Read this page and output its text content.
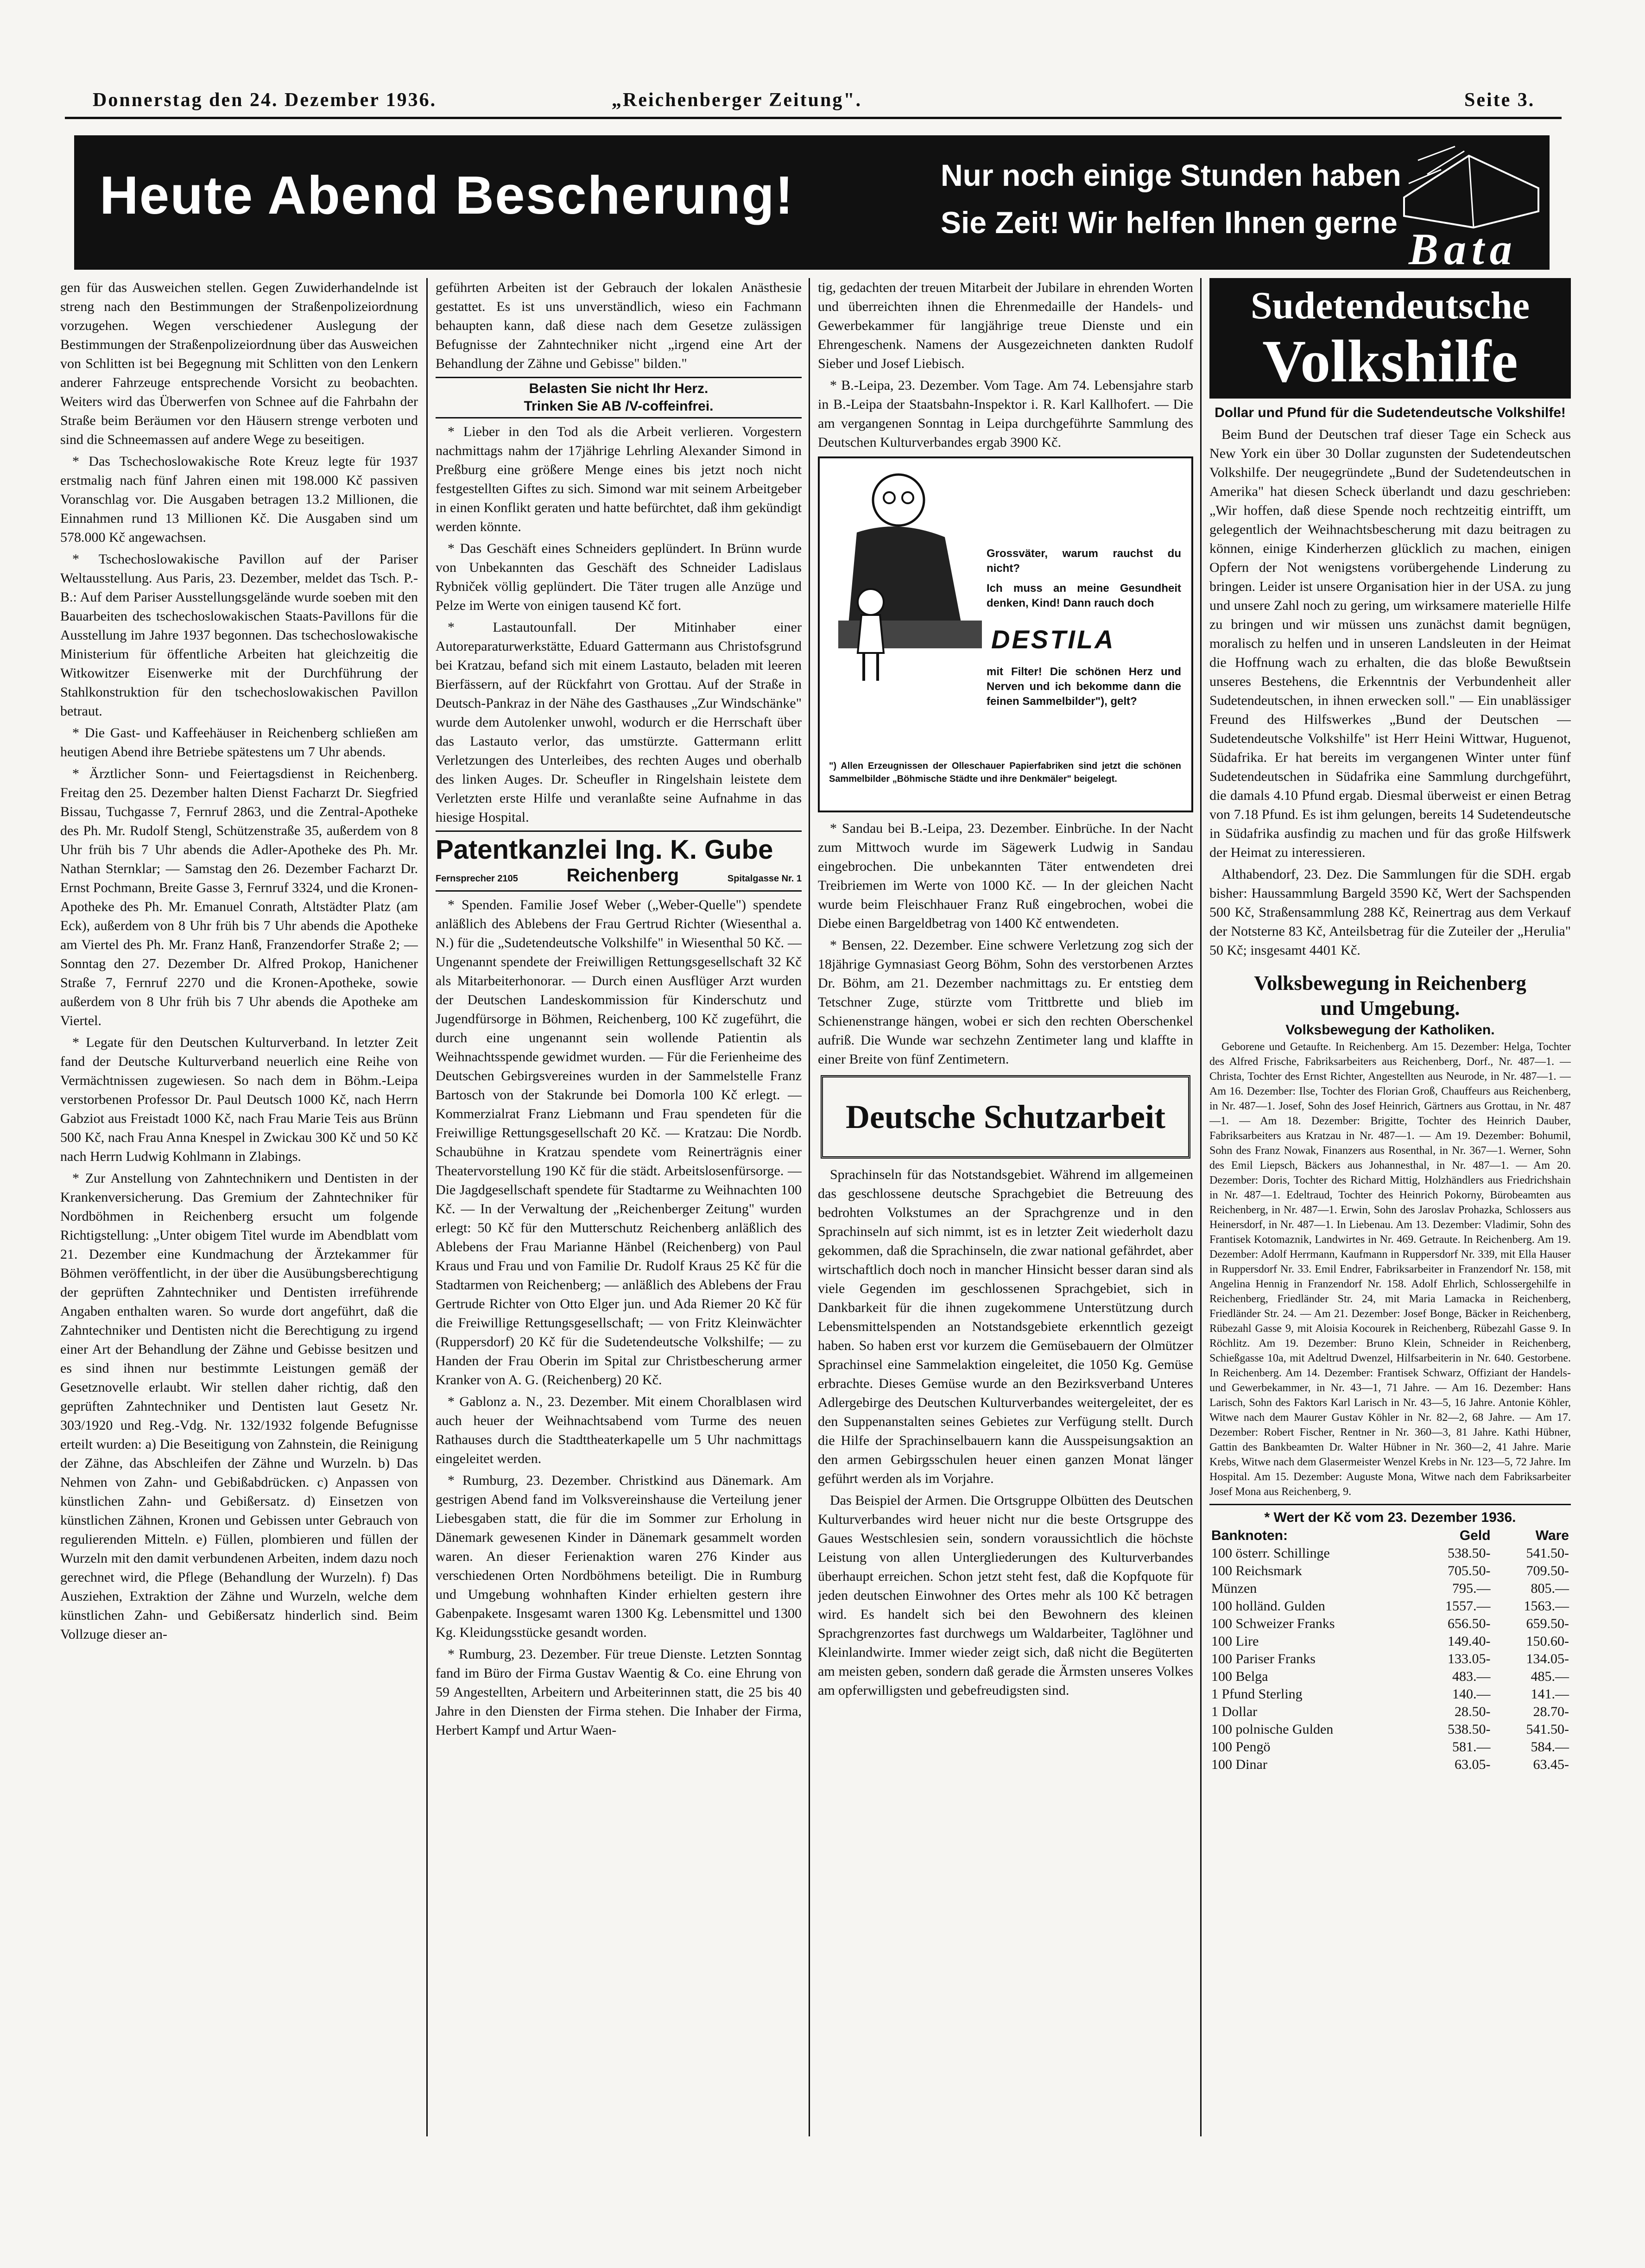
Donnerstag den 24. Dezember 1936.	„Reichenberger Zeitung".	Seite 3.
Heute Abend Bescherung!	Nur noch einige Stunden haben
Sie Zeit! Wir helfen Ihnen gerne
Bata

gen für das Ausweichen stellen. Gegen Zuwiderhandelnde ist streng nach den Bestimmungen der Straßenpolizeiordnung vorzugehen. Wegen verschiedener Auslegung der Bestimmungen der Straßenpolizeiordnung über das Ausweichen von Schlitten ist bei Begegnung mit Schlitten von den Lenkern anderer Fahrzeuge entsprechende Vorsicht zu beobachten. Weiters wird das Überwerfen von Schnee auf die Fahrbahn der Straße beim Beräumen vor den Häusern strenge verboten und sind die Schneemassen auf andere Wege zu beseitigen.

* Das Tschechoslowakische Rote Kreuz legte für 1937 erstmalig nach fünf Jahren einen mit 198.000 Kč passiven Voranschlag vor. Die Ausgaben betragen 13.2 Millionen, die Einnahmen rund 13 Millionen Kč. Die Ausgaben sind um 578.000 Kč angewachsen.

* Tschechoslowakische Pavillon auf der Pariser Weltausstellung. Aus Paris, 23. Dezember, meldet das Tsch. P.-B.: Auf dem Pariser Ausstellungsgelände wurde soeben mit den Bauarbeiten des tschechoslowakischen Staats-Pavillons für die Ausstellung im Jahre 1937 begonnen. Das tschechoslowakische Ministerium für öffentliche Arbeiten hat gleichzeitig die Witkowitzer Eisenwerke mit der Durchführung der Stahlkonstruktion für den tschechoslowakischen Pavillon betraut.

* Die Gast- und Kaffeehäuser in Reichenberg schließen am heutigen Abend ihre Betriebe spätestens um 7 Uhr abends.

* Ärztlicher Sonn- und Feiertagsdienst in Reichenberg. Freitag den 25. Dezember halten Dienst Facharzt Dr. Siegfried Bissau, Tuchgasse 7, Fernruf 2863, und die Zentral-Apotheke des Ph. Mr. Rudolf Stengl, Schützenstraße 35, außerdem von 8 Uhr früh bis 7 Uhr abends die Adler-Apotheke des Ph. Mr. Nathan Sternklar; — Samstag den 26. Dezember Facharzt Dr. Ernst Pochmann, Breite Gasse 3, Fernruf 3324, und die Kronen-Apotheke des Ph. Mr. Emanuel Conrath, Altstädter Platz (am Eck), außerdem von 8 Uhr früh bis 7 Uhr abends die Apotheke am Viertel des Ph. Mr. Franz Hanß, Franzendorfer Straße 2; — Sonntag den 27. Dezember Dr. Alfred Prokop, Hanichener Straße 7, Fernruf 2270 und die Kronen-Apotheke, sowie außerdem von 8 Uhr früh bis 7 Uhr abends die Apotheke am Viertel.

* Legate für den Deutschen Kulturverband. In letzter Zeit fand der Deutsche Kulturverband neuerlich eine Reihe von Vermächtnissen zugewiesen. So nach dem in Böhm.-Leipa verstorbenen Professor Dr. Paul Deutsch 1000 Kč, nach Herrn Gabziot aus Freistadt 1000 Kč, nach Frau Marie Teis aus Brünn 500 Kč, nach Frau Anna Knespel in Zwickau 300 Kč und 50 Kč nach Herrn Ludwig Kohlmann in Zlabings.

* Zur Anstellung von Zahntechnikern und Dentisten in der Krankenversicherung. Das Gremium der Zahntechniker für Nordböhmen in Reichenberg ersucht um folgende Richtigstellung: „Unter obigem Titel wurde im Abendblatt vom 21. Dezember eine Kundmachung der Ärztekammer für Böhmen veröffentlicht, in der über die Ausübungsberechtigung der geprüften Zahntechniker und Dentisten irreführende Angaben enthalten waren. So wurde dort angeführt, daß die Zahntechniker und Dentisten nicht die Berechtigung zu irgend einer Art der Behandlung der Zähne und Gebisse besitzen und es sind ihnen nur bestimmte Leistungen gemäß der Gesetznovelle erlaubt. Wir stellen daher richtig, daß den geprüften Zahntechniker und Dentisten laut Gesetz Nr. 303/1920 und Reg.-Vdg. Nr. 132/1932 folgende Befugnisse erteilt wurden: a) Die Beseitigung von Zahnstein, die Reinigung der Zähne, das Abschleifen der Zähne und Wurzeln. b) Das Nehmen von Zahn- und Gebißabdrücken. c) Anpassen von künstlichen Zahn- und Gebißersatz. d) Einsetzen von künstlichen Zähnen, Kronen und Gebissen unter Gebrauch von regulierenden Mitteln. e) Füllen, plombieren und füllen der Wurzeln mit den damit verbundenen Arbeiten, indem dazu noch gerechnet wird, die Pflege (Behandlung der Wurzeln). f) Das Ausziehen, Extraktion der Zähne und Wurzeln, welche dem künstlichen Zahn- und Gebißersatz hinderlich sind. Beim Vollzuge dieser an-

geführten Arbeiten ist der Gebrauch der lokalen Anästhesie gestattet. Es ist uns unverständlich, wieso ein Fachmann behaupten kann, daß diese nach dem Gesetze zulässigen Befugnisse der Zahntechniker nicht „irgend eine Art der Behandlung der Zähne und Gebisse" bilden."

Belasten Sie nicht Ihr Herz.
Trinken Sie AB /V-coffeinfrei.

* Lieber in den Tod als die Arbeit verlieren. Vorgestern nachmittags nahm der 17jährige Lehrling Alexander Simond in Preßburg eine größere Menge eines bis jetzt noch nicht festgestellten Giftes zu sich. Simond war mit seinem Arbeitgeber in einen Konflikt geraten und hatte befürchtet, daß ihm gekündigt werden könnte.

* Das Geschäft eines Schneiders geplündert. In Brünn wurde von Unbekannten das Geschäft des Schneider Ladislaus Rybniček völlig geplündert. Die Täter trugen alle Anzüge und Pelze im Werte von einigen tausend Kč fort.

* Lastautounfall. Der Mitinhaber einer Autoreparaturwerkstätte, Eduard Gattermann aus Christofsgrund bei Kratzau, befand sich mit einem Lastauto, beladen mit leeren Bierfässern, auf der Rückfahrt von Grottau. Auf der Straße in Deutsch-Pankraz in der Nähe des Gasthauses „Zur Windschänke" wurde dem Autolenker unwohl, wodurch er die Herrschaft über das Lastauto verlor, das umstürzte. Gattermann erlitt Verletzungen des Unterleibes, des rechten Auges und oberhalb des linken Auges. Dr. Scheufler in Ringelshain leistete dem Verletzten erste Hilfe und veranlaßte seine Aufnahme in das hiesige Hospital.

Patentkanzlei Ing. K. Gube
Fernsprecher 2105	Reichenberg	Spitalgasse Nr. 1

* Spenden. Familie Josef Weber („Weber-Quelle") spendete anläßlich des Ablebens der Frau Gertrud Richter (Wiesenthal a. N.) für die „Sudetendeutsche Volkshilfe" in Wiesenthal 50 Kč. — Ungenannt spendete der Freiwilligen Rettungsgesellschaft 32 Kč als Mitarbeiterhonorar. — Durch einen Ausflüger Arzt wurden der Deutschen Landeskommission für Kinderschutz und Jugendfürsorge in Böhmen, Reichenberg, 100 Kč zugeführt, die durch eine ungenannt sein wollende Patientin als Weihnachtsspende gewidmet wurden. — Für die Ferienheime des Deutschen Gebirgsvereines wurden in der Sammelstelle Franz Bartosch von der Stakrunde bei Domorla 100 Kč erlegt. — Kommerzialrat Franz Liebmann und Frau spendeten für die Freiwillige Rettungsgesellschaft 20 Kč. — Kratzau: Die Nordb. Schaubühne in Kratzau spendete vom Reinerträgnis einer Theatervorstellung 190 Kč für die städt. Arbeitslosenfürsorge. — Die Jagdgesellschaft spendete für Stadtarme zu Weihnachten 100 Kč. — In der Verwaltung der „Reichenberger Zeitung" wurden erlegt: 50 Kč für den Mutterschutz Reichenberg anläßlich des Ablebens der Frau Marianne Hänbel (Reichenberg) von Paul Kraus und Frau und von Familie Dr. Rudolf Kraus 25 Kč für die Stadtarmen von Reichenberg; — anläßlich des Ablebens der Frau Gertrude Richter von Otto Elger jun. und Ada Riemer 20 Kč für die Freiwillige Rettungsgesellschaft; — von Fritz Kleinwächter (Ruppersdorf) 20 Kč für die Sudetendeutsche Volkshilfe; — zu Handen der Frau Oberin im Spital zur Christbescherung armer Kranker von A. G. (Reichenberg) 20 Kč.

* Gablonz a. N., 23. Dezember. Mit einem Choralblasen wird auch heuer der Weihnachtsabend vom Turme des neuen Rathauses durch die Stadttheaterkapelle um 5 Uhr nachmittags eingeleitet werden.

* Rumburg, 23. Dezember. Christkind aus Dänemark. Am gestrigen Abend fand im Volksvereinshause die Verteilung jener Liebesgaben statt, die für die im Sommer zur Erholung in Dänemark gewesenen Kinder in Dänemark gesammelt worden waren. An dieser Ferienaktion waren 276 Kinder aus verschiedenen Orten Nordböhmens beteiligt. Die in Rumburg und Umgebung wohnhaften Kinder erhielten gestern ihre Gabenpakete. Insgesamt waren 1300 Kg. Lebensmittel und 1300 Kg. Kleidungsstücke gesandt worden.

* Rumburg, 23. Dezember. Für treue Dienste. Letzten Sonntag fand im Büro der Firma Gustav Waentig & Co. eine Ehrung von 59 Angestellten, Arbeitern und Arbeiterinnen statt, die 25 bis 40 Jahre in den Diensten der Firma stehen. Die Inhaber der Firma, Herbert Kampf und Artur Waen-

tig, gedachten der treuen Mitarbeit der Jubilare in ehrenden Worten und überreichten ihnen die Ehrenmedaille der Handels- und Gewerbekammer für langjährige treue Dienste und ein Ehrengeschenk. Namens der Ausgezeichneten dankten Rudolf Sieber und Josef Liebisch.

* B.-Leipa, 23. Dezember. Vom Tage. Am 74. Lebensjahre starb in B.-Leipa der Staatsbahn-Inspektor i. R. Karl Kallhofert. — Die am vergangenen Sonntag in Leipa durchgeführte Sammlung des Deutschen Kulturverbandes ergab 3900 Kč.

Grossväter, warum rauchst du nicht?
Ich muss an meine Gesundheit denken, Kind! Dann rauch doch
DESTILA
mit Filter! Die schönen Herz und Nerven und ich bekomme dann die feinen Sammelbilder"), gelt?
") Allen Erzeugnissen der Olleschauer Papierfabriken sind jetzt die schönen Sammelbilder „Böhmische Städte und ihre Denkmäler" beigelegt.

* Sandau bei B.-Leipa, 23. Dezember. Einbrüche. In der Nacht zum Mittwoch wurde im Sägewerk Ludwig in Sandau eingebrochen. Die unbekannten Täter entwendeten drei Treibriemen im Werte von 1000 Kč. — In der gleichen Nacht wurde beim Fleischhauer Franz Ruß eingebrochen, wobei die Diebe einen Bargeldbetrag von 1400 Kč entwendeten.

* Bensen, 22. Dezember. Eine schwere Verletzung zog sich der 18jährige Gymnasiast Georg Böhm, Sohn des verstorbenen Arztes Dr. Böhm, am 21. Dezember nachmittags zu. Er entstieg dem Tetschner Zuge, stürzte vom Trittbrette und blieb im Schienenstrange hängen, wobei er sich den rechten Oberschenkel aufriß. Die Wunde war sechzehn Zentimeter lang und klaffte in einer Breite von fünf Zentimetern.

Deutsche Schutzarbeit

Sprachinseln für das Notstandsgebiet. Während im allgemeinen das geschlossene deutsche Sprachgebiet die Betreuung des bedrohten Volkstumes an der Sprachgrenze und in den Sprachinseln auf sich nimmt, ist es in letzter Zeit wiederholt dazu gekommen, daß die Sprachinseln, die zwar national gefährdet, aber wirtschaftlich doch noch in mancher Hinsicht besser daran sind als viele Gegenden im geschlossenen Sprachgebiet, sich in Dankbarkeit für die ihnen zugekommene Unterstützung durch Lebensmittelspenden an Notstandsgebiete erkenntlich gezeigt haben. So haben erst vor kurzem die Gemüsebauern der Olmützer Sprachinsel eine Sammelaktion eingeleitet, die 1050 Kg. Gemüse erbrachte. Dieses Gemüse wurde an den Bezirksverband Unteres Adlergebirge des Deutschen Kulturverbandes weitergeleitet, der es den Suppenanstalten seines Gebietes zur Verfügung stellt. Durch die Hilfe der Sprachinselbauern kann die Ausspeisungsaktion an den armen Gebirgsschulen heuer einen ganzen Monat länger geführt werden als im Vorjahre.

Das Beispiel der Armen. Die Ortsgruppe Olbütten des Deutschen Kulturverbandes wird heuer nicht nur die beste Ortsgruppe des Gaues Westschlesien sein, sondern voraussichtlich die höchste Leistung von allen Untergliederungen des Kulturverbandes überhaupt erreichen. Schon jetzt steht fest, daß die Kopfquote für jeden deutschen Einwohner des Ortes mehr als 100 Kč betragen wird. Es handelt sich bei den Bewohnern des kleinen Sprachgrenzortes fast durchwegs um Waldarbeiter, Taglöhner und Kleinlandwirte. Immer wieder zeigt sich, daß nicht die Begüterten am meisten geben, sondern daß gerade die Ärmsten unseres Volkes am opferwilligsten und gebefreudigsten sind.

Sudetendeutsche
Volkshilfe

Dollar und Pfund für die Sudetendeutsche Volkshilfe!

Beim Bund der Deutschen traf dieser Tage ein Scheck aus New York ein über 30 Dollar zugunsten der Sudetendeutschen Volkshilfe. Der neugegründete „Bund der Sudetendeutschen in Amerika" hat diesen Scheck überlandt und dazu geschrieben: „Wir hoffen, daß diese Spende noch rechtzeitig eintrifft, um gelegentlich der Weihnachtsbescherung mit dazu beitragen zu können, einige Kinderherzen glücklich zu machen, einigen Opfern der Not wenigstens vorübergehende Linderung zu bringen. Leider ist unsere Organisation hier in der USA. zu jung und unsere Zahl noch zu gering, um wirksamere materielle Hilfe zu bringen und wir müssen uns zunächst damit begnügen, moralisch zu helfen und in unseren Landsleuten in der Heimat die Hoffnung wach zu erhalten, die das bloße Bewußtsein unseres Bestehens, die Erkenntnis der Verbundenheit aller Sudetendeutschen, in ihnen erwecken soll." — Ein unablässiger Freund des Hilfswerkes „Bund der Deutschen — Sudetendeutsche Volkshilfe" ist Herr Heini Wittwar, Huguenot, Südafrika. Er hat bereits im vergangenen Winter unter fünf Sudetendeutschen in Südafrika eine Sammlung durchgeführt, die damals 4.10 Pfund ergab. Diesmal überweist er einen Betrag von 7.18 Pfund. Es ist ihm gelungen, bereits 14 Sudetendeutsche in Südafrika ausfindig zu machen und für das große Hilfswerk der Heimat zu interessieren.

Althabendorf, 23. Dez. Die Sammlungen für die SDH. ergab bisher: Haussammlung Bargeld 3590 Kč, Wert der Sachspenden 500 Kč, Straßensammlung 288 Kč, Reinertrag aus dem Verkauf der Notsterne 83 Kč, Anteilsbetrag für die Zuteiler der „Herulia" 50 Kč; insgesamt 4401 Kč.

Volksbewegung in Reichenberg
und Umgebung.
Volksbewegung der Katholiken.

Geborene und Getaufte. In Reichenberg. Am 15. Dezember: Helga, Tochter des Alfred Frische, Fabriksarbeiters aus Reichenberg, Dorf., Nr. 487—1. — Christa, Tochter des Ernst Richter, Angestellten aus Neurode, in Nr. 487—1. — Am 16. Dezember: Ilse, Tochter des Florian Groß, Chauffeurs aus Reichenberg, in Nr. 487—1. Josef, Sohn des Josef Heinrich, Gärtners aus Grottau, in Nr. 487—1. — Am 18. Dezember: Brigitte, Tochter des Heinrich Dauber, Fabriksarbeiters aus Kratzau in Nr. 487—1. — Am 19. Dezember: Bohumil, Sohn des Franz Nowak, Finanzers aus Rosenthal, in Nr. 367—1. Werner, Sohn des Emil Liepsch, Bäckers aus Johannesthal, in Nr. 487—1. — Am 20. Dezember: Doris, Tochter des Richard Mittig, Holzhändlers aus Friedrichshain in Nr. 487—1. Edeltraud, Tochter des Heinrich Pokorny, Bürobeamten aus Reichenberg, in Nr. 487—1. Erwin, Sohn des Jaroslav Prohazka, Schlossers aus Heinersdorf, in Nr. 487—1. In Liebenau. Am 13. Dezember: Vladimir, Sohn des Frantisek Kotomaznik, Landwirtes in Nr. 469. Getraute. In Reichenberg. Am 19. Dezember: Adolf Herrmann, Kaufmann in Ruppersdorf Nr. 339, mit Ella Hauser in Ruppersdorf Nr. 33. Emil Endrer, Fabriksarbeiter in Franzendorf Nr. 158, mit Angelina Hennig in Franzendorf Nr. 158. Adolf Ehrlich, Schlossergehilfe in Reichenberg, Friedländer Str. 24, mit Maria Lamacka in Reichenberg, Friedländer Str. 24. — Am 21. Dezember: Josef Bonge, Bäcker in Reichenberg, Rübezahl Gasse 9, mit Aloisia Kocourek in Reichenberg, Rübezahl Gasse 9. In Röchlitz. Am 19. Dezember: Bruno Klein, Schneider in Reichenberg, Schießgasse 10a, mit Adeltrud Dwenzel, Hilfsarbeiterin in Nr. 640. Gestorbene. In Reichenberg. Am 14. Dezember: Frantisek Schwarz, Offiziant der Handels- und Gewerbekammer, in Nr. 43—1, 71 Jahre. — Am 16. Dezember: Hans Larisch, Sohn des Faktors Karl Larisch in Nr. 43—5, 16 Jahre. Antonie Köhler, Witwe nach dem Maurer Gustav Köhler in Nr. 82—2, 68 Jahre. — Am 17. Dezember: Robert Fischer, Rentner in Nr. 360—3, 81 Jahre. Kathi Hübner, Gattin des Bankbeamten Dr. Walter Hübner in Nr. 360—2, 41 Jahre. Marie Krebs, Witwe nach dem Glasermeister Wenzel Krebs in Nr. 123—5, 72 Jahre. Im Hospital. Am 15. Dezember: Auguste Mona, Witwe nach dem Fabriksarbeiter Josef Mona aus Reichenberg, 9.

* Wert der Kč vom 23. Dezember 1936.
Banknoten:	Geld	Ware
100 österr. Schillinge	538.50-	541.50-
100 Reichsmark	705.50-	709.50-
Münzen	795.—	805.—
100 holländ. Gulden	1557.—	1563.—
100 Schweizer Franks	656.50-	659.50-
100 Lire	149.40-	150.60-
100 Pariser Franks	133.05-	134.05-
100 Belga	483.—	485.—
1 Pfund Sterling	140.—	141.—
1 Dollar	28.50-	28.70-
100 polnische Gulden	538.50-	541.50-
100 Pengö	581.—	584.—
100 Dinar	63.05-	63.45-
